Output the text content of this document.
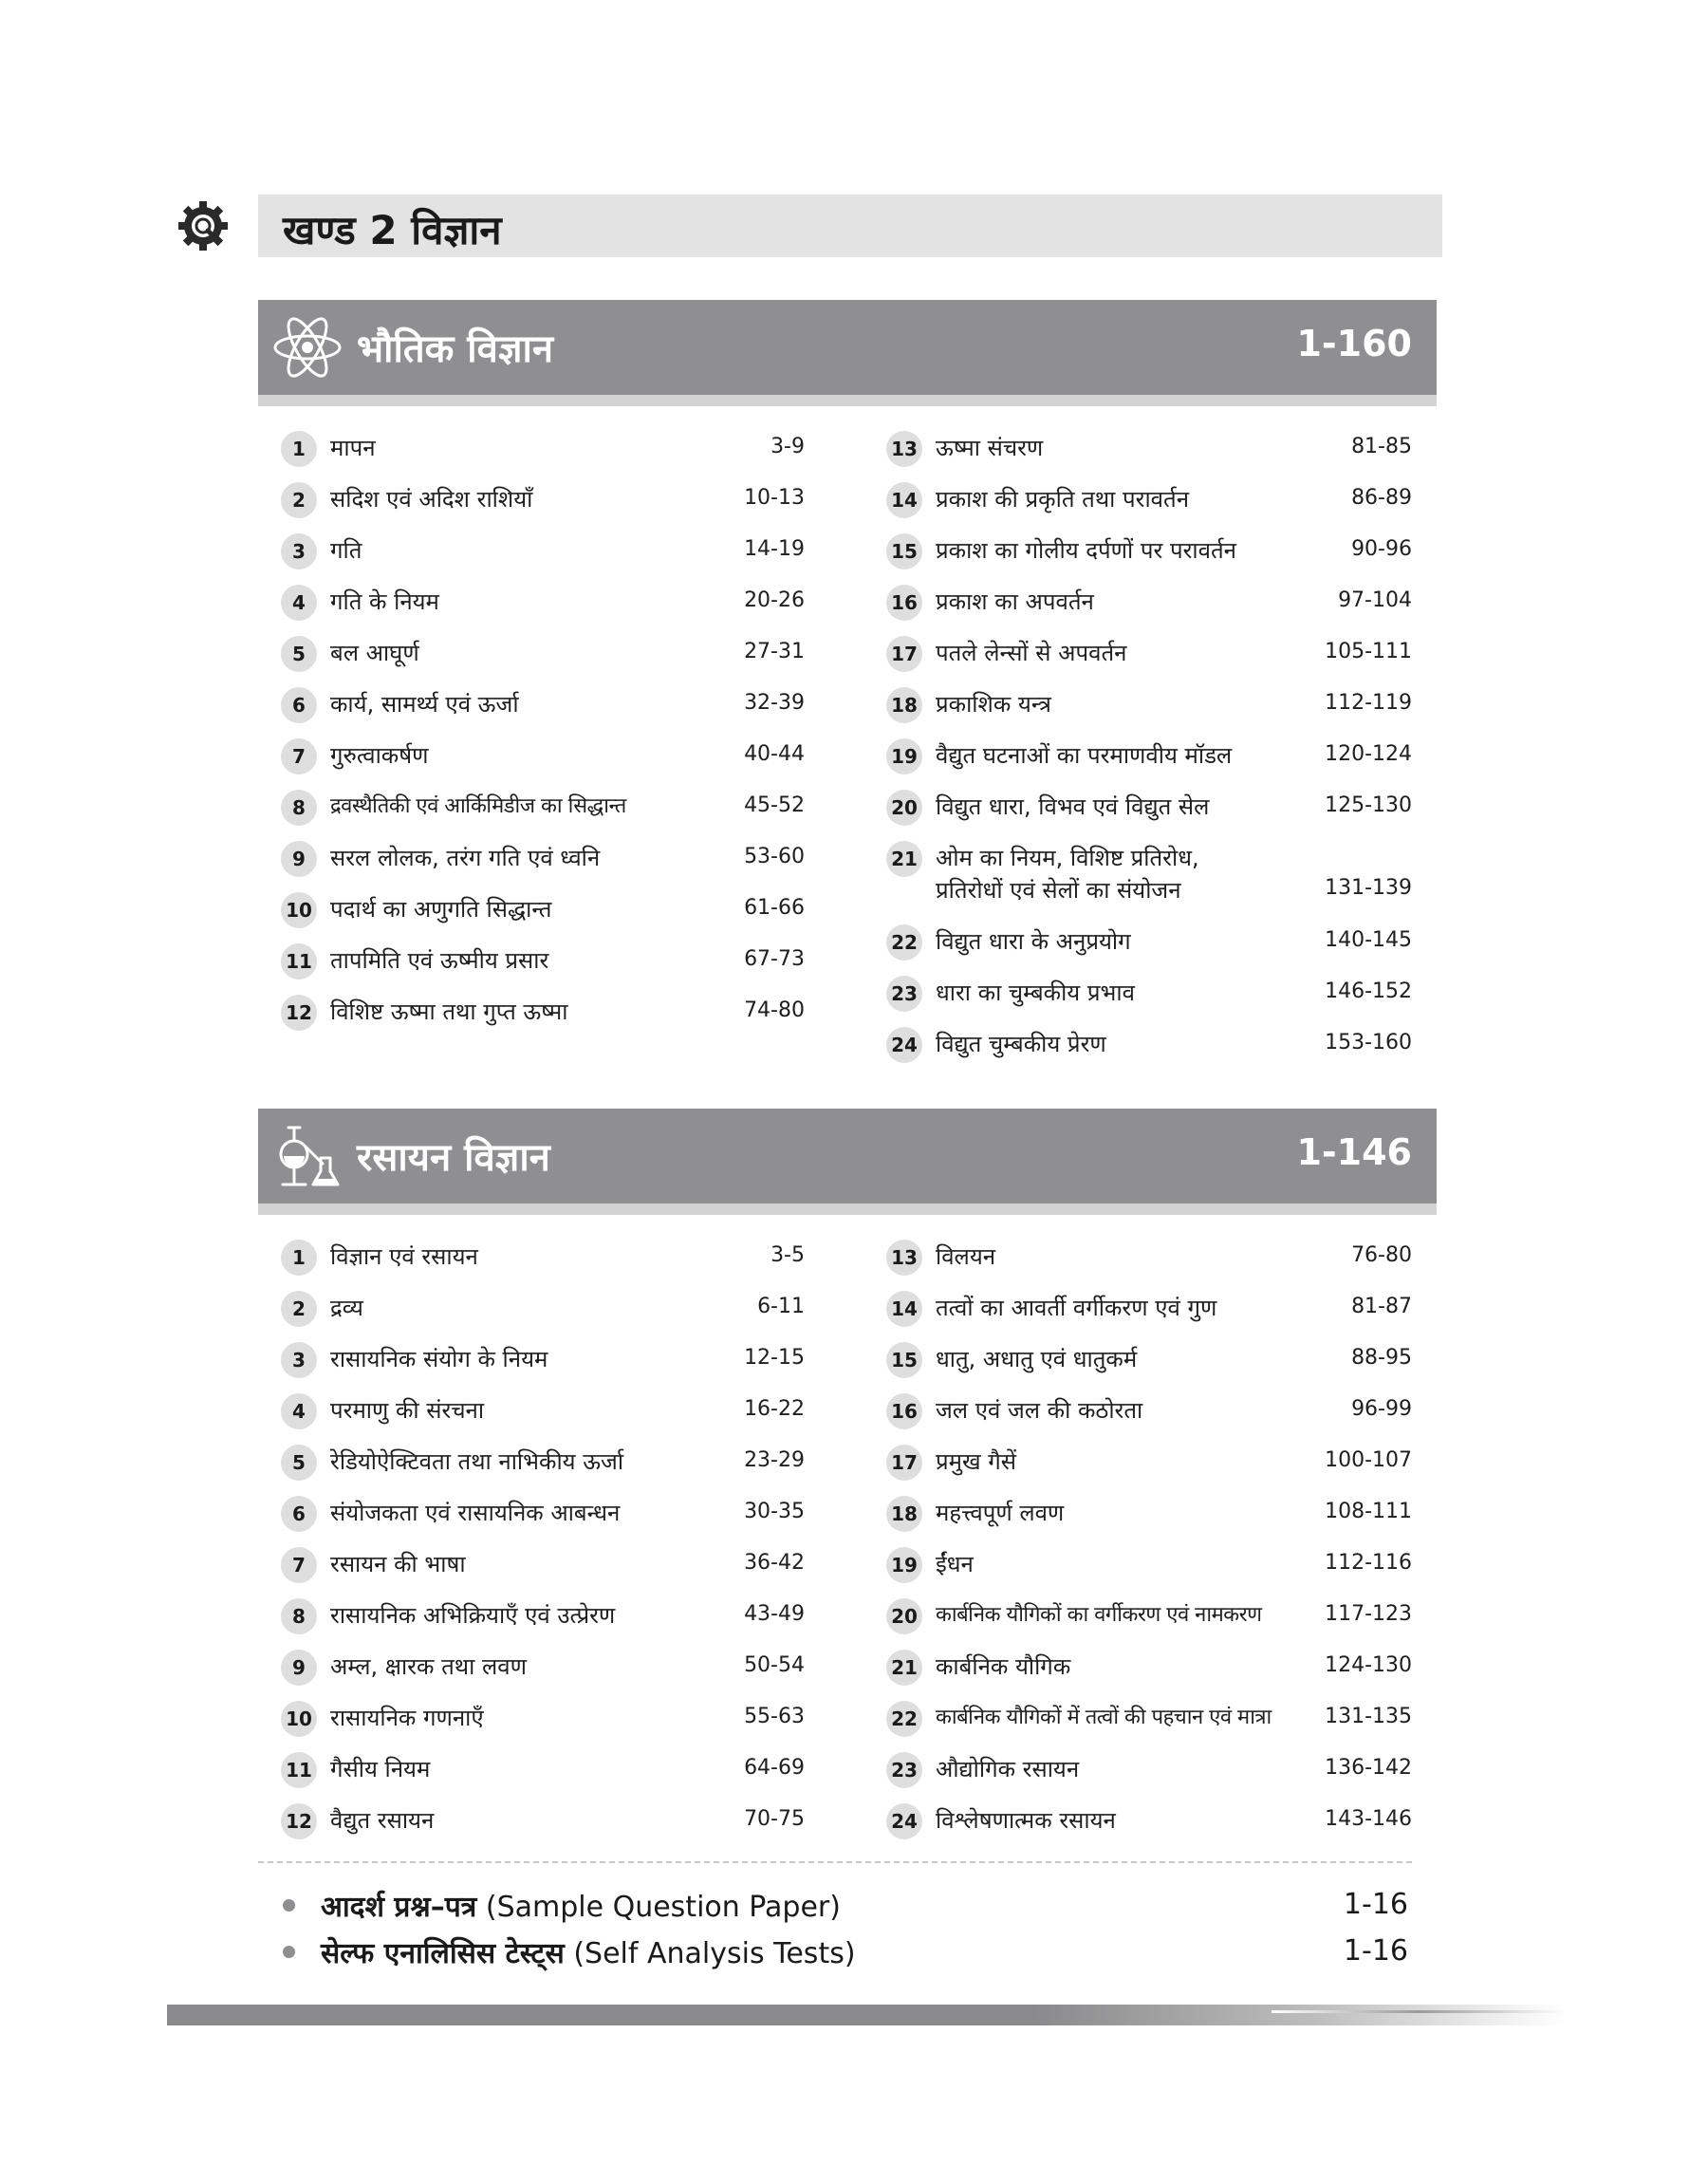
खण्ड 2 विज्ञान
भौतिक विज्ञान	1-160
1	मापन	3-9
2	सदिश एवं अदिश राशियाँ	10-13
3	गति	14-19
4	गति के नियम	20-26
5	बल आघूर्ण	27-31
6	कार्य, सामर्थ्य एवं ऊर्जा	32-39
7	गुरुत्वाकर्षण	40-44
8	द्रवस्थैतिकी एवं आर्किमिडीज का सिद्धान्त	45-52
9	सरल लोलक, तरंग गति एवं ध्वनि	53-60
10 पदार्थ का अणुगति सिद्धान्त	61-66
11 तापमिति एवं ऊष्मीय प्रसार	67-73
12 विशिष्ट ऊष्मा तथा गुप्त ऊष्मा	74-80
13 ऊष्मा संचरण	81-85
14 प्रकाश की प्रकृति तथा परावर्तन	86-89
15 प्रकाश का गोलीय दर्पणों पर परावर्तन	90-96
16 प्रकाश का अपवर्तन	97-104
17 पतले लेन्सों से अपवर्तन	105-111
18 प्रकाशिक यन्त्र	112-119
19 वैद्युत घटनाओं का परमाणवीय मॉडल	120-124
20 विद्युत धारा, विभव एवं विद्युत सेल	125-130
21 ओम का नियम, विशिष्ट प्रतिरोध, प्रतिरोधों एवं सेलों का संयोजन	131-139
22 विद्युत धारा के अनुप्रयोग	140-145
23 धारा का चुम्बकीय प्रभाव	146-152
24 विद्युत चुम्बकीय प्रेरण	153-160
रसायन विज्ञान	1-146
1	विज्ञान एवं रसायन	3-5
2	द्रव्य	6-11
3	रासायनिक संयोग के नियम	12-15
4	परमाणु की संरचना	16-22
5	रेडियोऐक्टिवता तथा नाभिकीय ऊर्जा	23-29
6	संयोजकता एवं रासायनिक आबन्धन	30-35
7	रसायन की भाषा	36-42
8	रासायनिक अभिक्रियाएँ एवं उत्प्रेरण	43-49
9	अम्ल, क्षारक तथा लवण	50-54
10 रासायनिक गणनाएँ	55-63
11 गैसीय नियम	64-69
12 वैद्युत रसायन	70-75
13 विलयन	76-80
14 तत्वों का आवर्ती वर्गीकरण एवं गुण	81-87
15 धातु, अधातु एवं धातुकर्म	88-95
16 जल एवं जल की कठोरता	96-99
17 प्रमुख गैसें	100-107
18 महत्त्वपूर्ण लवण	108-111
19 ईंधन	112-116
20 कार्बनिक यौगिकों का वर्गीकरण एवं नामकरण	117-123
21 कार्बनिक यौगिक	124-130
22 कार्बनिक यौगिकों में तत्वों की पहचान एवं मात्रा	131-135
23 औद्योगिक रसायन	136-142
24 विश्लेषणात्मक रसायन	143-146
आदर्श प्रश्न–पत्र (Sample Question Paper)	1-16
सेल्फ एनालिसिस टेस्ट्स (Self Analysis Tests)	1-16
